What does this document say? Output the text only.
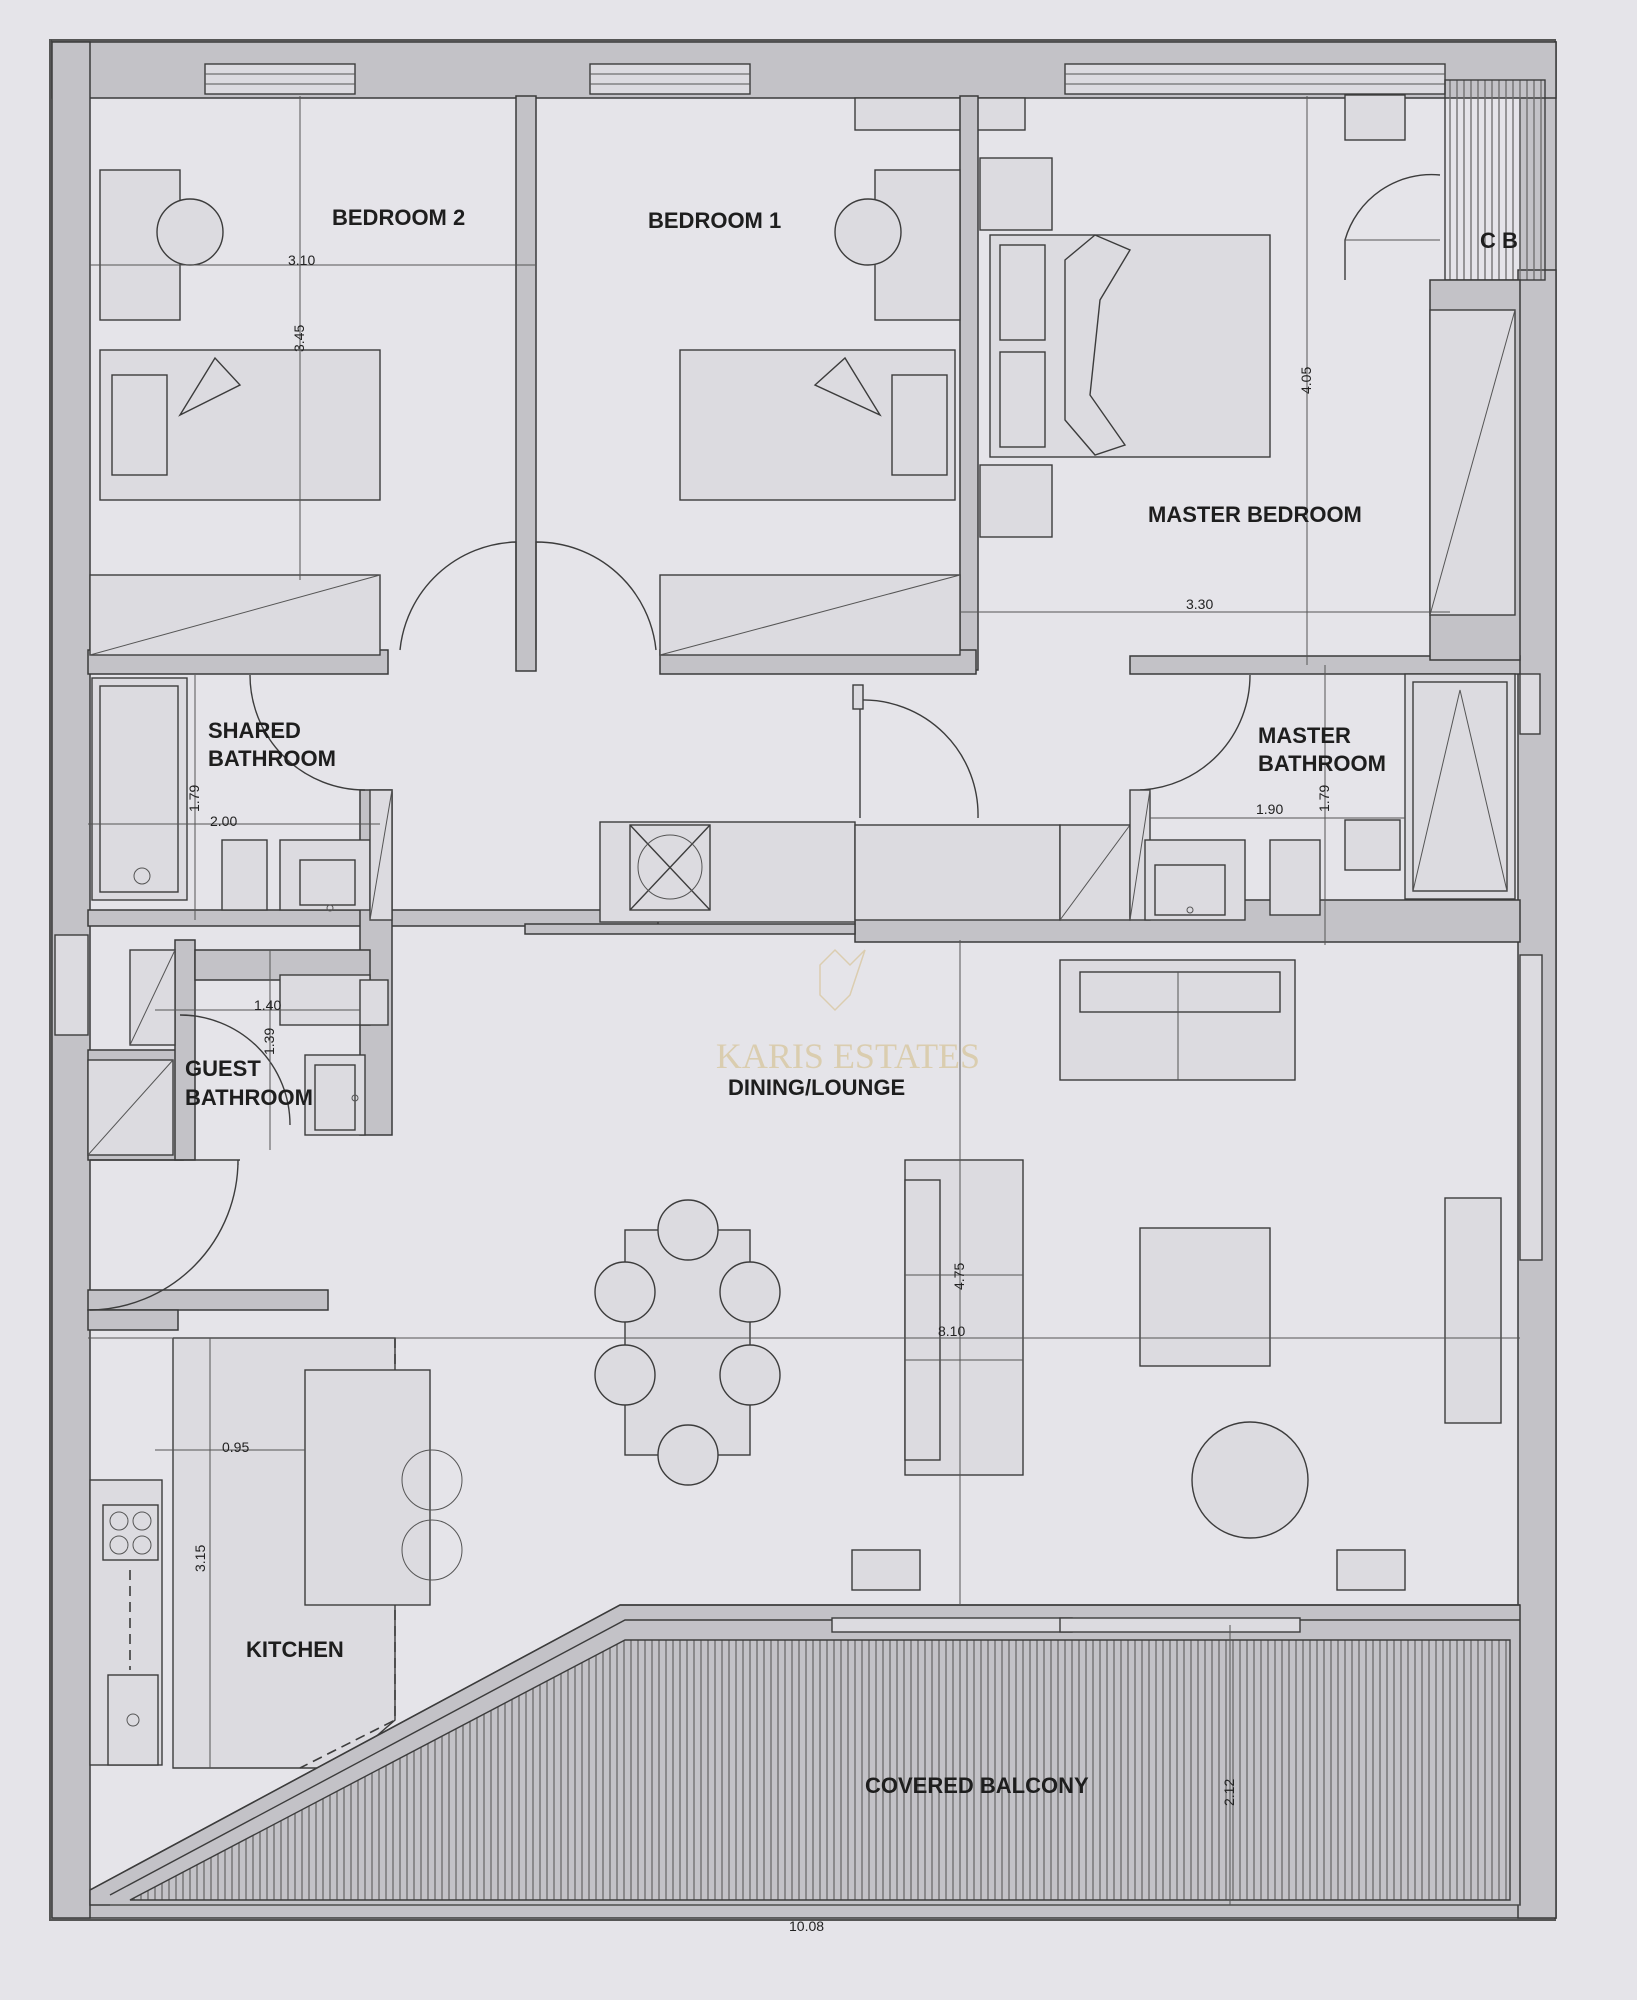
KARIS ESTATES
BEDROOM 2	BEDROOM 1
C B
MASTER BEDROOM
SHARED
BATHROOM
MASTER
BATHROOM
GUEST
BATHROOM	DINING/LOUNGE
KITCHEN
COVERED BALCONY
3.10
3.45
4.05
3.30
1.79
2.00
1.90 1.79
1.40
1.39
4.75
8.10
0.95
3.15
2.12
10.08
